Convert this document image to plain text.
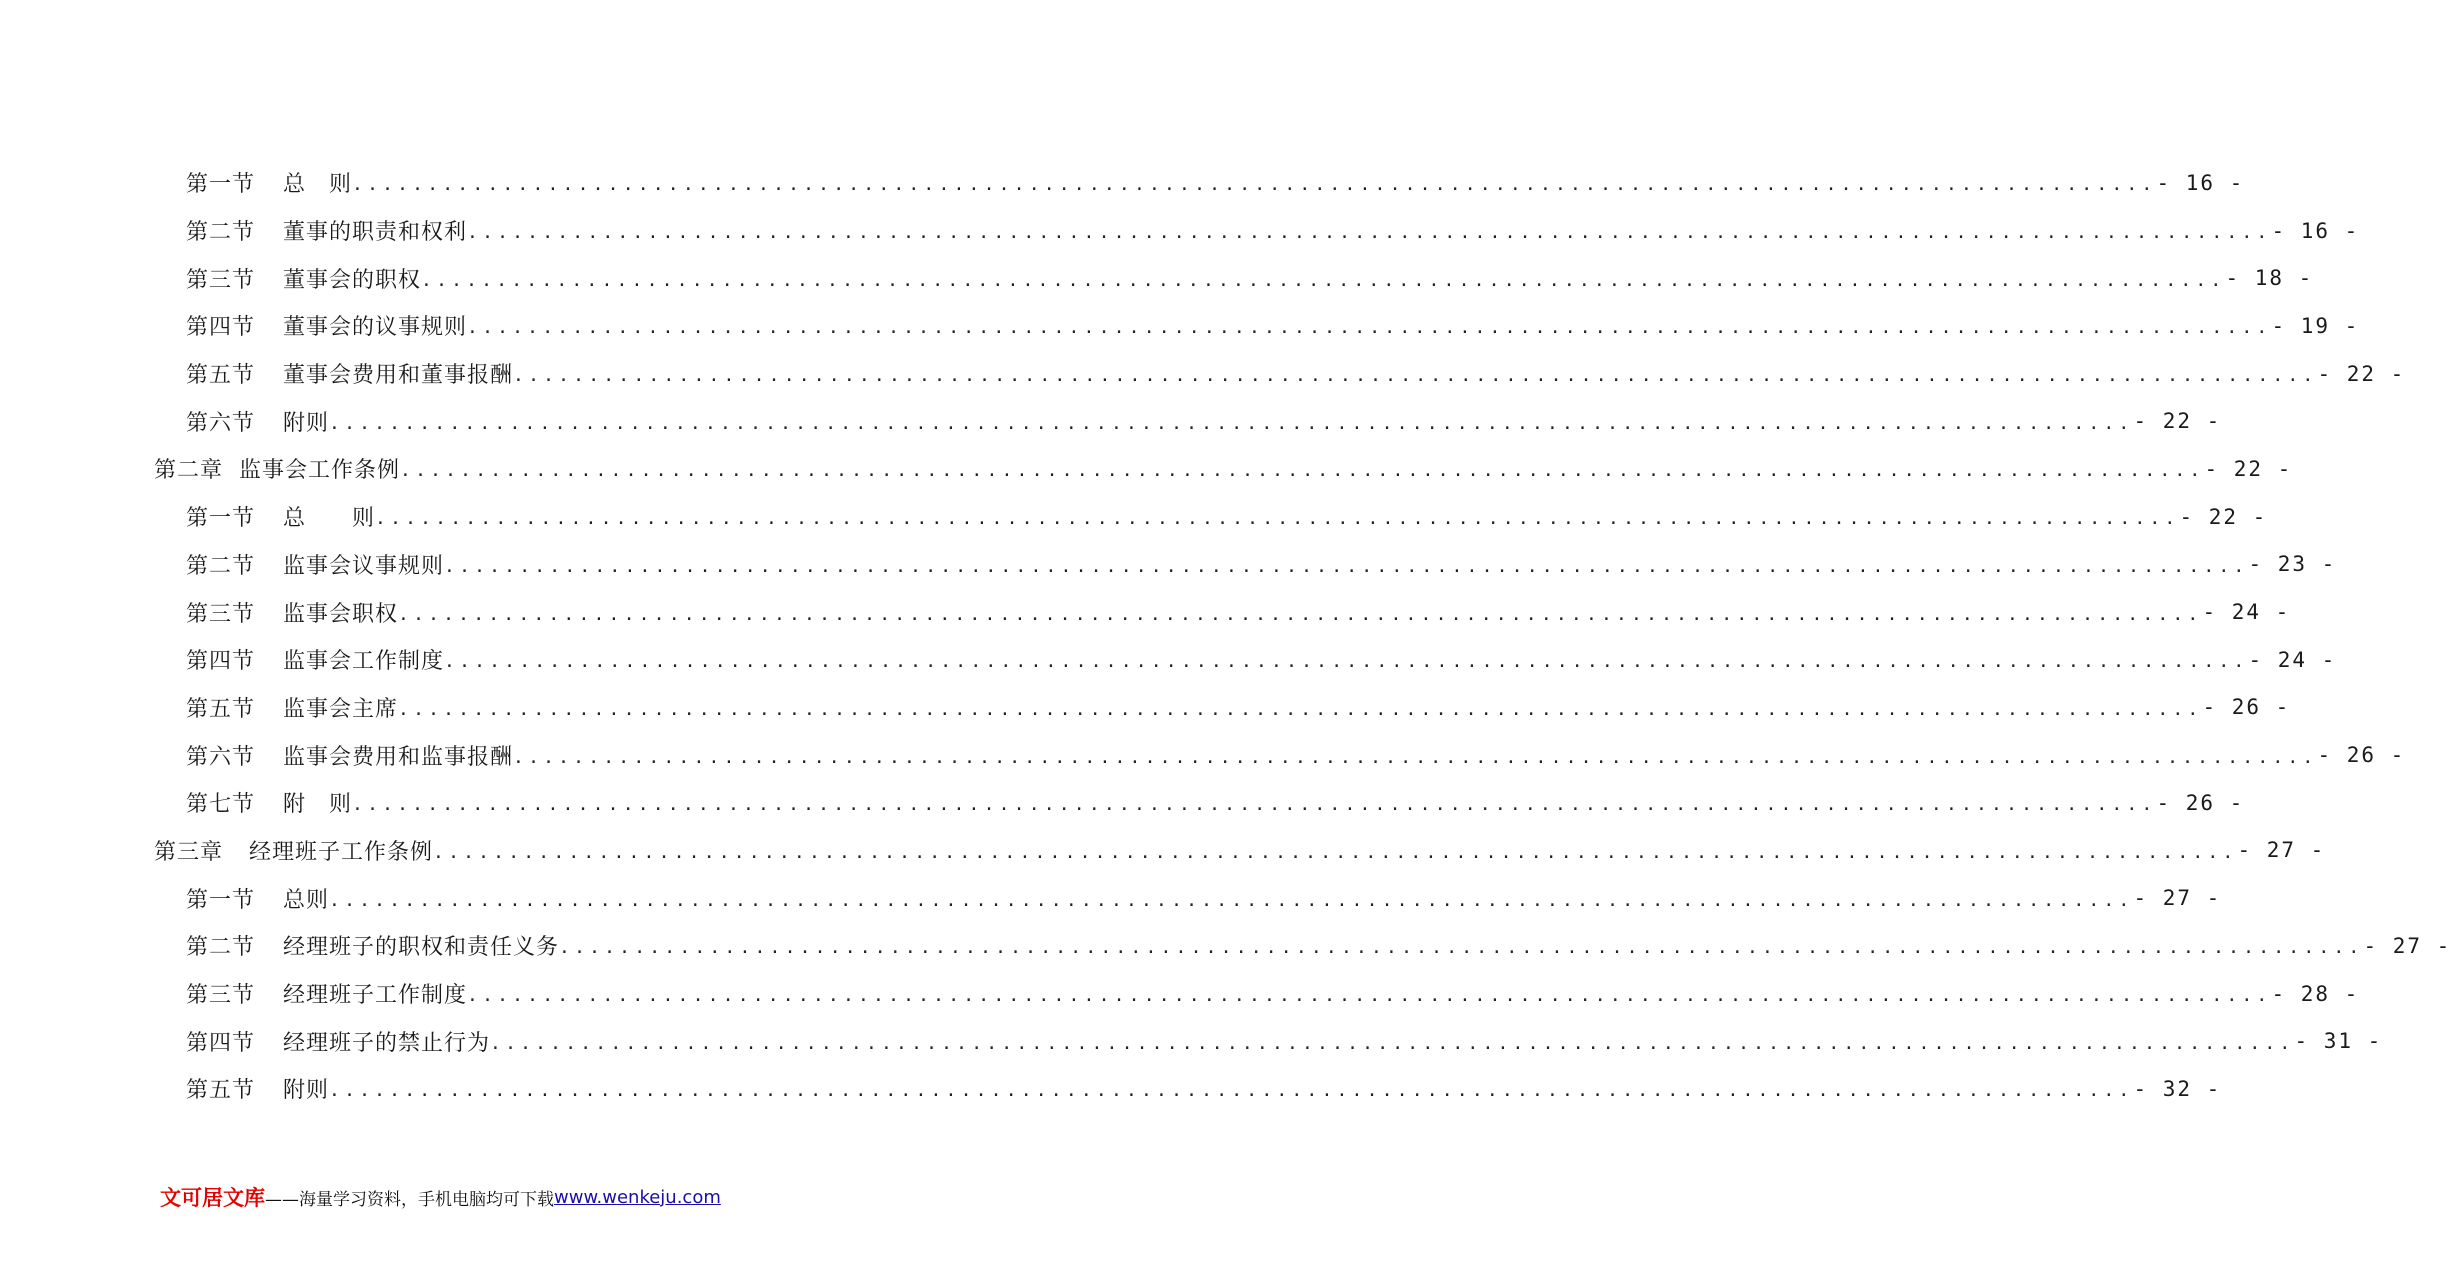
第一节 总　则 ........................................................................................................................ - 16 -
第二节 董事的职责和权利 ........................................................................................................................ - 16 -
第三节 董事会的职权 ........................................................................................................................ - 18 -
第四节 董事会的议事规则 ........................................................................................................................ - 19 -
第五节 董事会费用和董事报酬 ........................................................................................................................ - 22 -
第六节 附则 ........................................................................................................................ - 22 -
第二章 监事会工作条例 ........................................................................................................................ - 22 -
第一节 总　　则 ........................................................................................................................ - 22 -
第二节 监事会议事规则 ........................................................................................................................ - 23 -
第三节 监事会职权 ........................................................................................................................ - 24 -
第四节 监事会工作制度 ........................................................................................................................ - 24 -
第五节 监事会主席 ........................................................................................................................ - 26 -
第六节 监事会费用和监事报酬 ........................................................................................................................ - 26 -
第七节 附　则 ........................................................................................................................ - 26 -
第三章 经理班子工作条例 ........................................................................................................................ - 27 -
第一节 总则 ........................................................................................................................ - 27 -
第二节 经理班子的职权和责任义务 ........................................................................................................................ - 27 -
第三节 经理班子工作制度 ........................................................................................................................ - 28 -
第四节 经理班子的禁止行为 ........................................................................................................................ - 31 -
第五节 附则 ........................................................................................................................ - 32 -
文可居文库 ——海量学习资料，手机电脑均可下载 www.wenkeju.com
